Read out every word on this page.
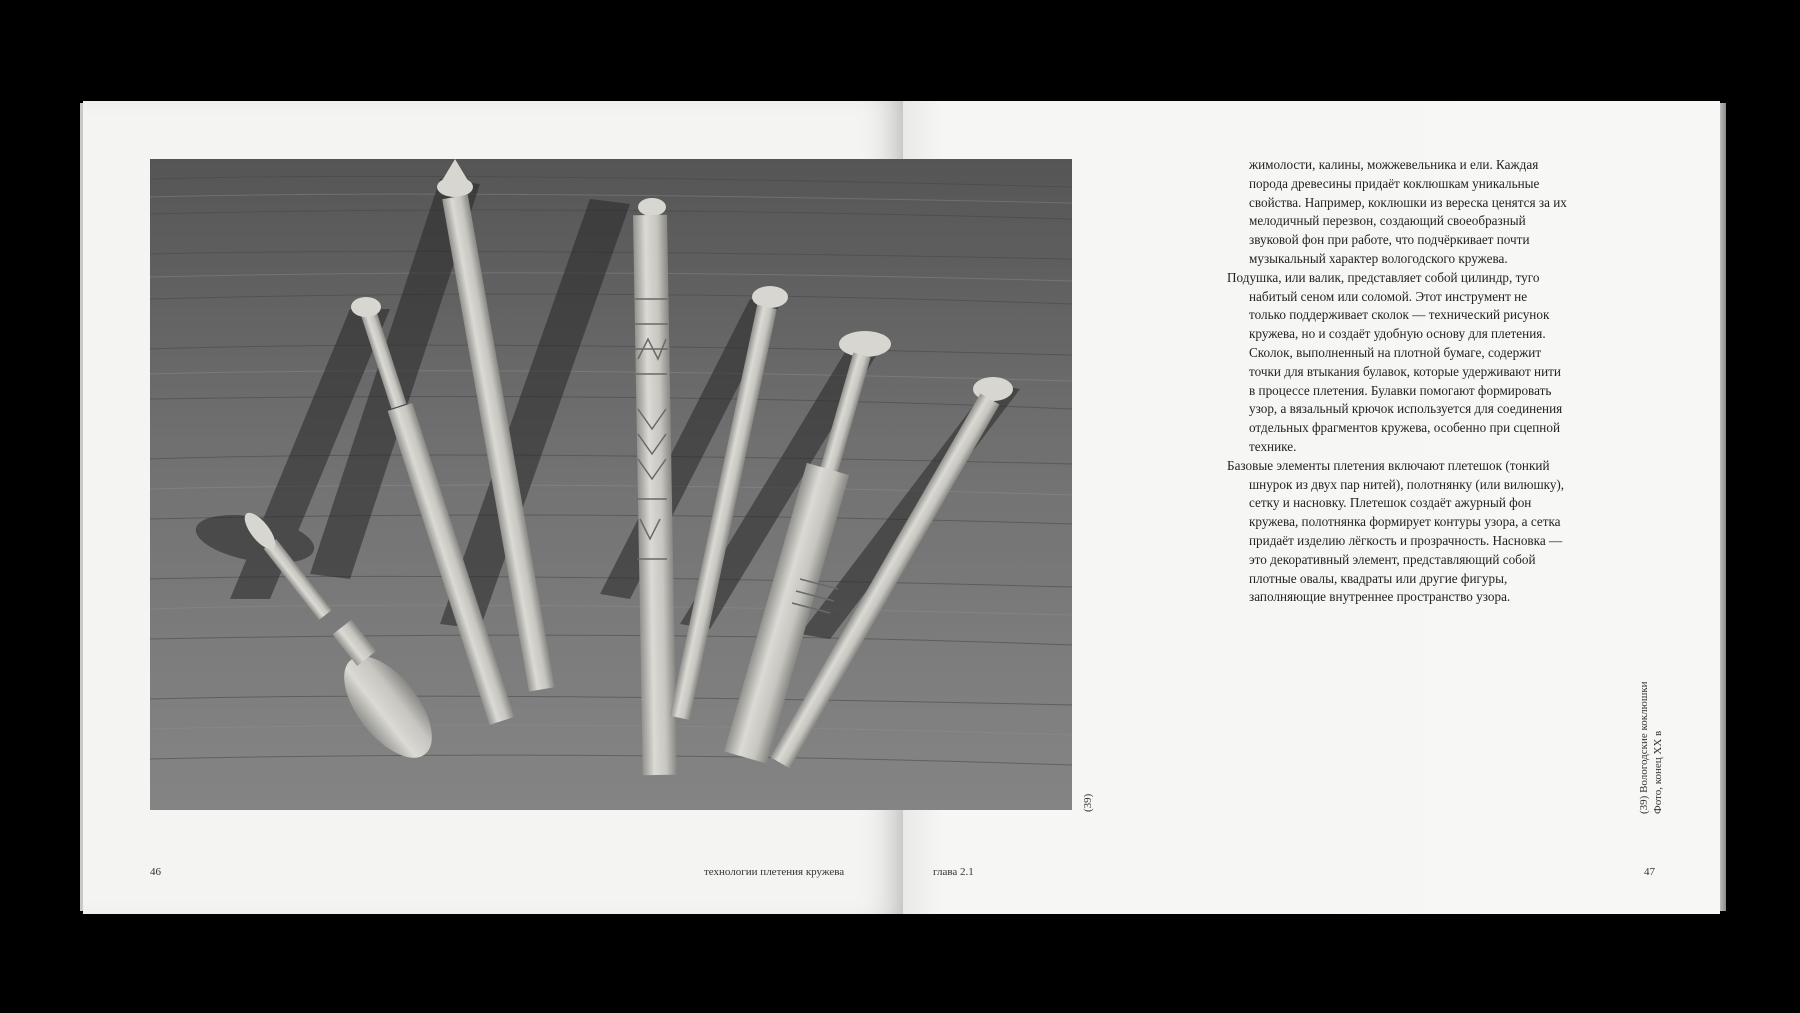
(39)
46	технологии плетения кружева	глава 2.1	47
(39) Вологодские коклюшки Фото, конец XX в

жимолости, калины, можжевельника и ели. Каждая порода древесины придаёт коклюшкам уникальные свойства. Например, коклюшки из вереска ценятся за их мелодичный перезвон, создающий своеобразный звуковой фон при работе, что подчёркивает почти музыкальный характер вологодского кружева.

Подушка, или валик, представляет собой цилиндр, туго набитый сеном или соломой. Этот инструмент не только поддерживает сколок — технический рисунок кружева, но и создаёт удобную основу для плетения. Сколок, выполненный на плотной бумаге, содержит точки для втыкания булавок, которые удерживают нити в процессе плетения. Булавки помогают формировать узор, а вязальный крючок используется для соединения отдельных фрагментов кружева, особенно при сцепной технике.

Базовые элементы плетения включают плетешок (тонкий шнурок из двух пар нитей), полотнянку (или вилюшку), сетку и насновку. Плетешок создаёт ажурный фон кружева, полотнянка формирует контуры узора, а сетка придаёт изделию лёгкость и прозрачность. Насновка — это декоративный элемент, представляющий собой плотные овалы, квадраты или другие фигуры, заполняющие внутреннее пространство узора.
